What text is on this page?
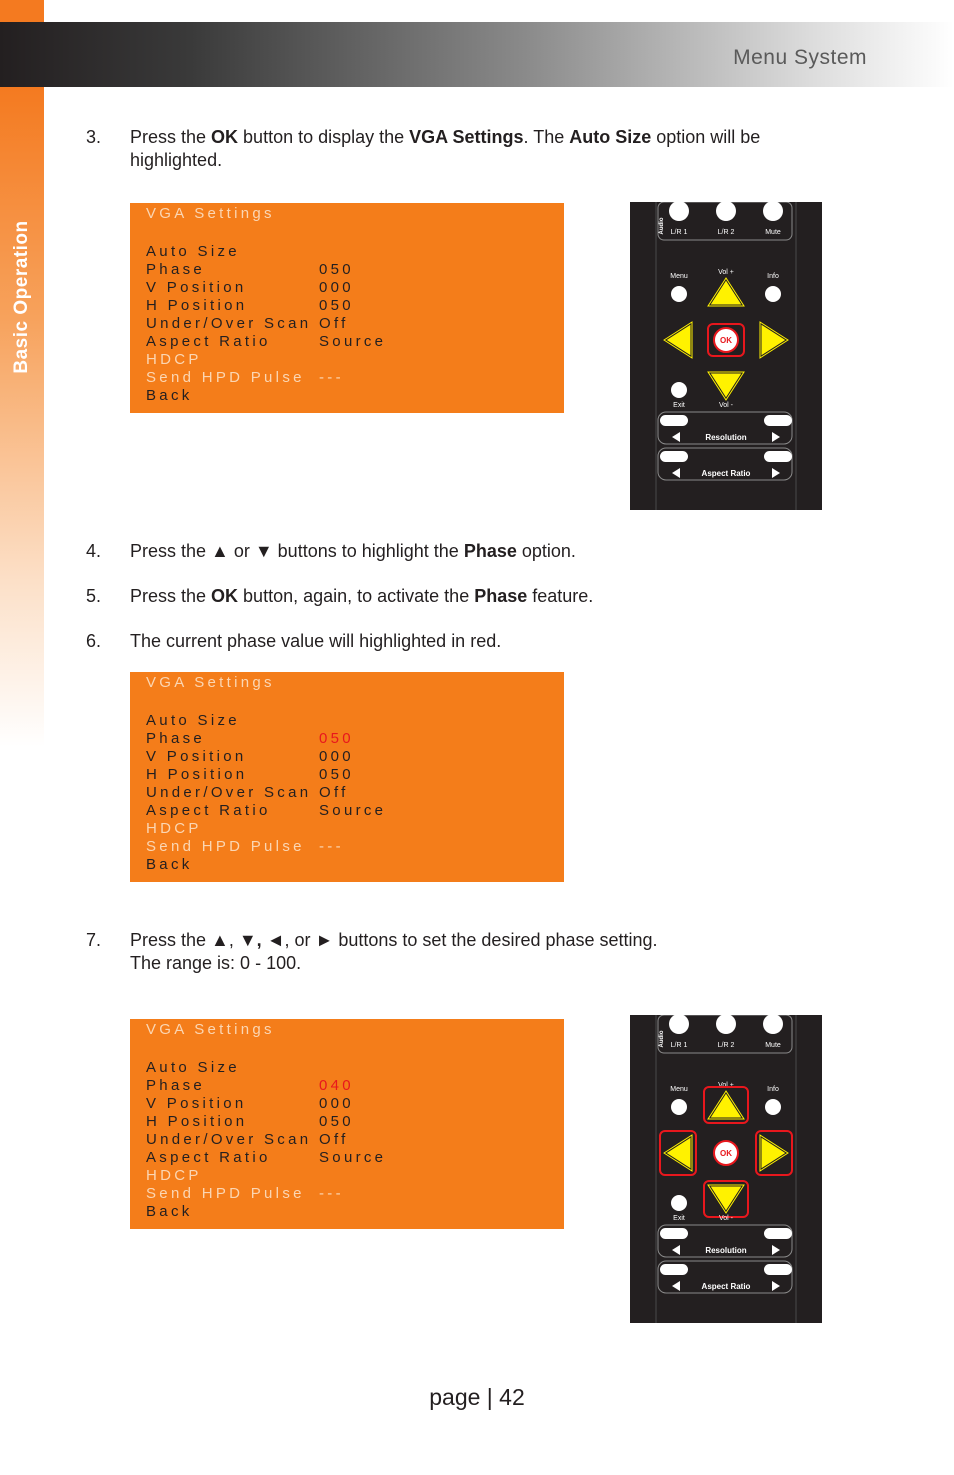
Menu System
Basic Operation
3.	Press the OK button to display the VGA Settings. The Auto Size option will be
highlighted.
VGA Settings
Auto Size
Phase	050
V Position	000
H Position	050
Under/Over Scan Off
Aspect Ratio	Source
HDCP
Send HPD Pulse ---
Back
Audio L/R 1	L/R 2	Mute
Menu
Vol +
Info
OK
Exit	Vol -
Resolution
Aspect Ratio
4.	Press the ▲ or ▼ buttons to highlight the Phase option.
5.	Press the OK button, again, to activate the Phase feature.
6.	The current phase value will highlighted in red.
VGA Settings
Auto Size
Phase	050
V Position	000
H Position	050
Under/Over Scan Off
Aspect Ratio	Source
HDCP
Send HPD Pulse ---
Back
7.	Press the ▲, ▼, ◄, or ► buttons to set the desired phase setting.
The range is: 0 - 100.
VGA Settings
Auto Size
Phase	040
V Position	000
H Position	050
Under/Over Scan Off
Aspect Ratio	Source
HDCP
Send HPD Pulse ---
Back
Audio L/R 1	L/R 2	Mute
Menu
Vol +
Info
OK
Exit	Vol -
Resolution
Aspect Ratio
page | 42
